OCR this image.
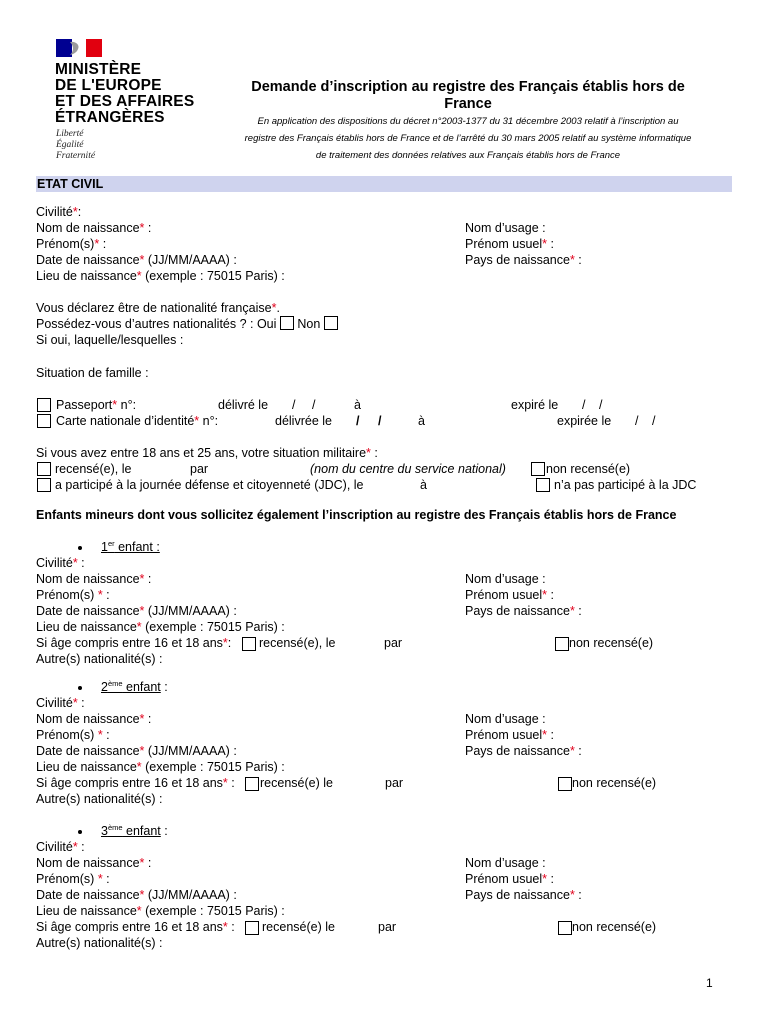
MINISTÈRE
DE L'EUROPE
ET DES AFFAIRES
ÉTRANGÈRES
Liberté
Égalité
Fraternité
Demande d’inscription au registre des Français établis hors de
France
En application des dispositions du décret n°2003-1377 du 31 décembre 2003 relatif à l’inscription au
registre des Français établis hors de France et de l’arrêté du 30 mars 2005 relatif au système informatique
de traitement des données relatives aux Français établis hors de France
ETAT CIVIL
Civilité*:
Nom de naissance* :	Nom d’usage :
Prénom(s)* :	Prénom usuel* :
Date de naissance* (JJ/MM/AAAA) :	Pays de naissance* :
Lieu de naissance* (exemple : 75015 Paris) :
Vous déclarez être de nationalité française*.
Possédez-vous d’autres nationalités ? : Oui Non
Si oui, laquelle/lesquelles :
Situation de famille :
Passeport* n°:	délivré le / /	à	expiré le / /
Carte nationale d’identité* n°:	délivrée le / /	à	expirée le / /
Si vous avez entre 18 ans et 25 ans, votre situation militaire* :
recensé(e), le	par	(nom du centre du service national)	non recensé(e)
a participé à la journée défense et citoyenneté (JDC), le	à	n’a pas participé à la JDC
Enfants mineurs dont vous sollicitez également l’inscription au registre des Français établis hors de France
1er enfant :
Civilité* :
Nom de naissance* :	Nom d’usage :
Prénom(s) * :	Prénom usuel* :
Date de naissance* (JJ/MM/AAAA) :	Pays de naissance* :
Lieu de naissance* (exemple : 75015 Paris) :
Si âge compris entre 16 et 18 ans*: recensé(e), le	par	non recensé(e)
Autre(s) nationalité(s) :
2ème enfant :
Civilité* :
Nom de naissance* :	Nom d’usage :
Prénom(s) * :	Prénom usuel* :
Date de naissance* (JJ/MM/AAAA) :	Pays de naissance* :
Lieu de naissance* (exemple : 75015 Paris) :
Si âge compris entre 16 et 18 ans* : recensé(e) le	par	non recensé(e)
Autre(s) nationalité(s) :
3ème enfant :
Civilité* :
Nom de naissance* :	Nom d’usage :
Prénom(s) * :	Prénom usuel* :
Date de naissance* (JJ/MM/AAAA) :	Pays de naissance* :
Lieu de naissance* (exemple : 75015 Paris) :
Si âge compris entre 16 et 18 ans* : recensé(e) le	par	non recensé(e)
Autre(s) nationalité(s) :
1
